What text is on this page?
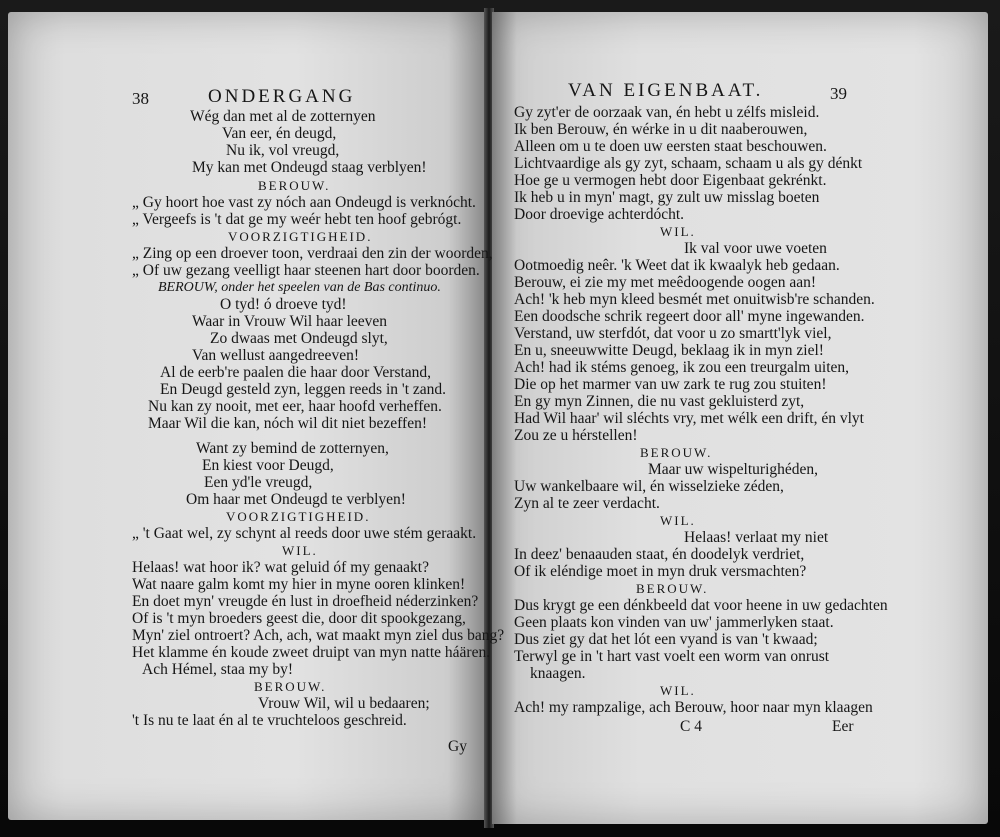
38	ONDERGANG
Wég dan met al de zotternyen
Van eer, én deugd,
Nu ik, vol vreugd,
My kan met Ondeugd staag verblyen!
BEROUW.
„ Gy hoort hoe vast zy nóch aan Ondeugd is verknócht.
„ Vergeefs is 't dat ge my weér hebt ten hoof gebrógt.
VOORZIGTIGHEID.
„ Zing op een droever toon, verdraai den zin der woorden,
„ Of uw gezang veelligt haar steenen hart door boorden.
BEROUW, onder het speelen van de Bas continuo.
O tyd! ó droeve tyd!
Waar in Vrouw Wil haar leeven
Zo dwaas met Ondeugd slyt,
Van wellust aangedreeven!
Al de eerb're paalen die haar door Verstand,
En Deugd gesteld zyn, leggen reeds in 't zand.
Nu kan zy nooit, met eer, haar hoofd verheffen.
Maar Wil die kan, nóch wil dit niet bezeffen!
Want zy bemind de zotternyen,
En kiest voor Deugd,
Een yd'le vreugd,
Om haar met Ondeugd te verblyen!
VOORZIGTIGHEID.
„ 't Gaat wel, zy schynt al reeds door uwe stém geraakt.
WIL.
Helaas! wat hoor ik? wat geluid óf my genaakt?
Wat naare galm komt my hier in myne ooren klinken!
En doet myn' vreugde én lust in droefheid néderzinken?
Of is 't myn broeders geest die, door dit spookgezang,
Myn' ziel ontroert? Ach, ach, wat maakt myn ziel dus bang?
Het klamme én koude zweet druipt van myn natte háären.
Ach Hémel, staa my by!
BEROUW.
Vrouw Wil, wil u bedaaren;
't Is nu te laat én al te vruchteloos geschreid.
Gy
VAN EIGENBAAT.	39
Gy zyt'er de oorzaak van, én hebt u zélfs misleid.
Ik ben Berouw, én wérke in u dit naaberouwen,
Alleen om u te doen uw eersten staat beschouwen.
Lichtvaardige als gy zyt, schaam, schaam u als gy dénkt
Hoe ge u vermogen hebt door Eigenbaat gekrénkt.
Ik heb u in myn' magt, gy zult uw misslag boeten
Door droevige achterdócht.
WIL.
Ik val voor uwe voeten
Ootmoedig neêr. 'k Weet dat ik kwaalyk heb gedaan.
Berouw, ei zie my met meêdoogende oogen aan!
Ach! 'k heb myn kleed besmét met onuitwisb're schanden.
Een doodsche schrik regeert door all' myne ingewanden.
Verstand, uw sterfdót, dat voor u zo smartt'lyk viel,
En u, sneeuwwitte Deugd, beklaag ik in myn ziel!
Ach! had ik stéms genoeg, ik zou een treurgalm uiten,
Die op het marmer van uw zark te rug zou stuiten!
En gy myn Zinnen, die nu vast gekluisterd zyt,
Had Wil haar' wil sléchts vry, met wélk een drift, én vlyt
Zou ze u hérstellen!
BEROUW.
Maar uw wispelturighéden,
Uw wankelbaare wil, én wisselzieke zéden,
Zyn al te zeer verdacht.
WIL.
Helaas! verlaat my niet
In deez' benaauden staat, én doodelyk verdriet,
Of ik eléndige moet in myn druk versmachten?
BEROUW.
Dus krygt ge een dénkbeeld dat voor heene in uw gedachten
Geen plaats kon vinden van uw' jammerlyken staat.
Dus ziet gy dat het lót een vyand is van 't kwaad;
Terwyl ge in 't hart vast voelt een worm van onrust
knaagen.
WIL.
Ach! my rampzalige, ach Berouw, hoor naar myn klaagen
C 4	Eer
